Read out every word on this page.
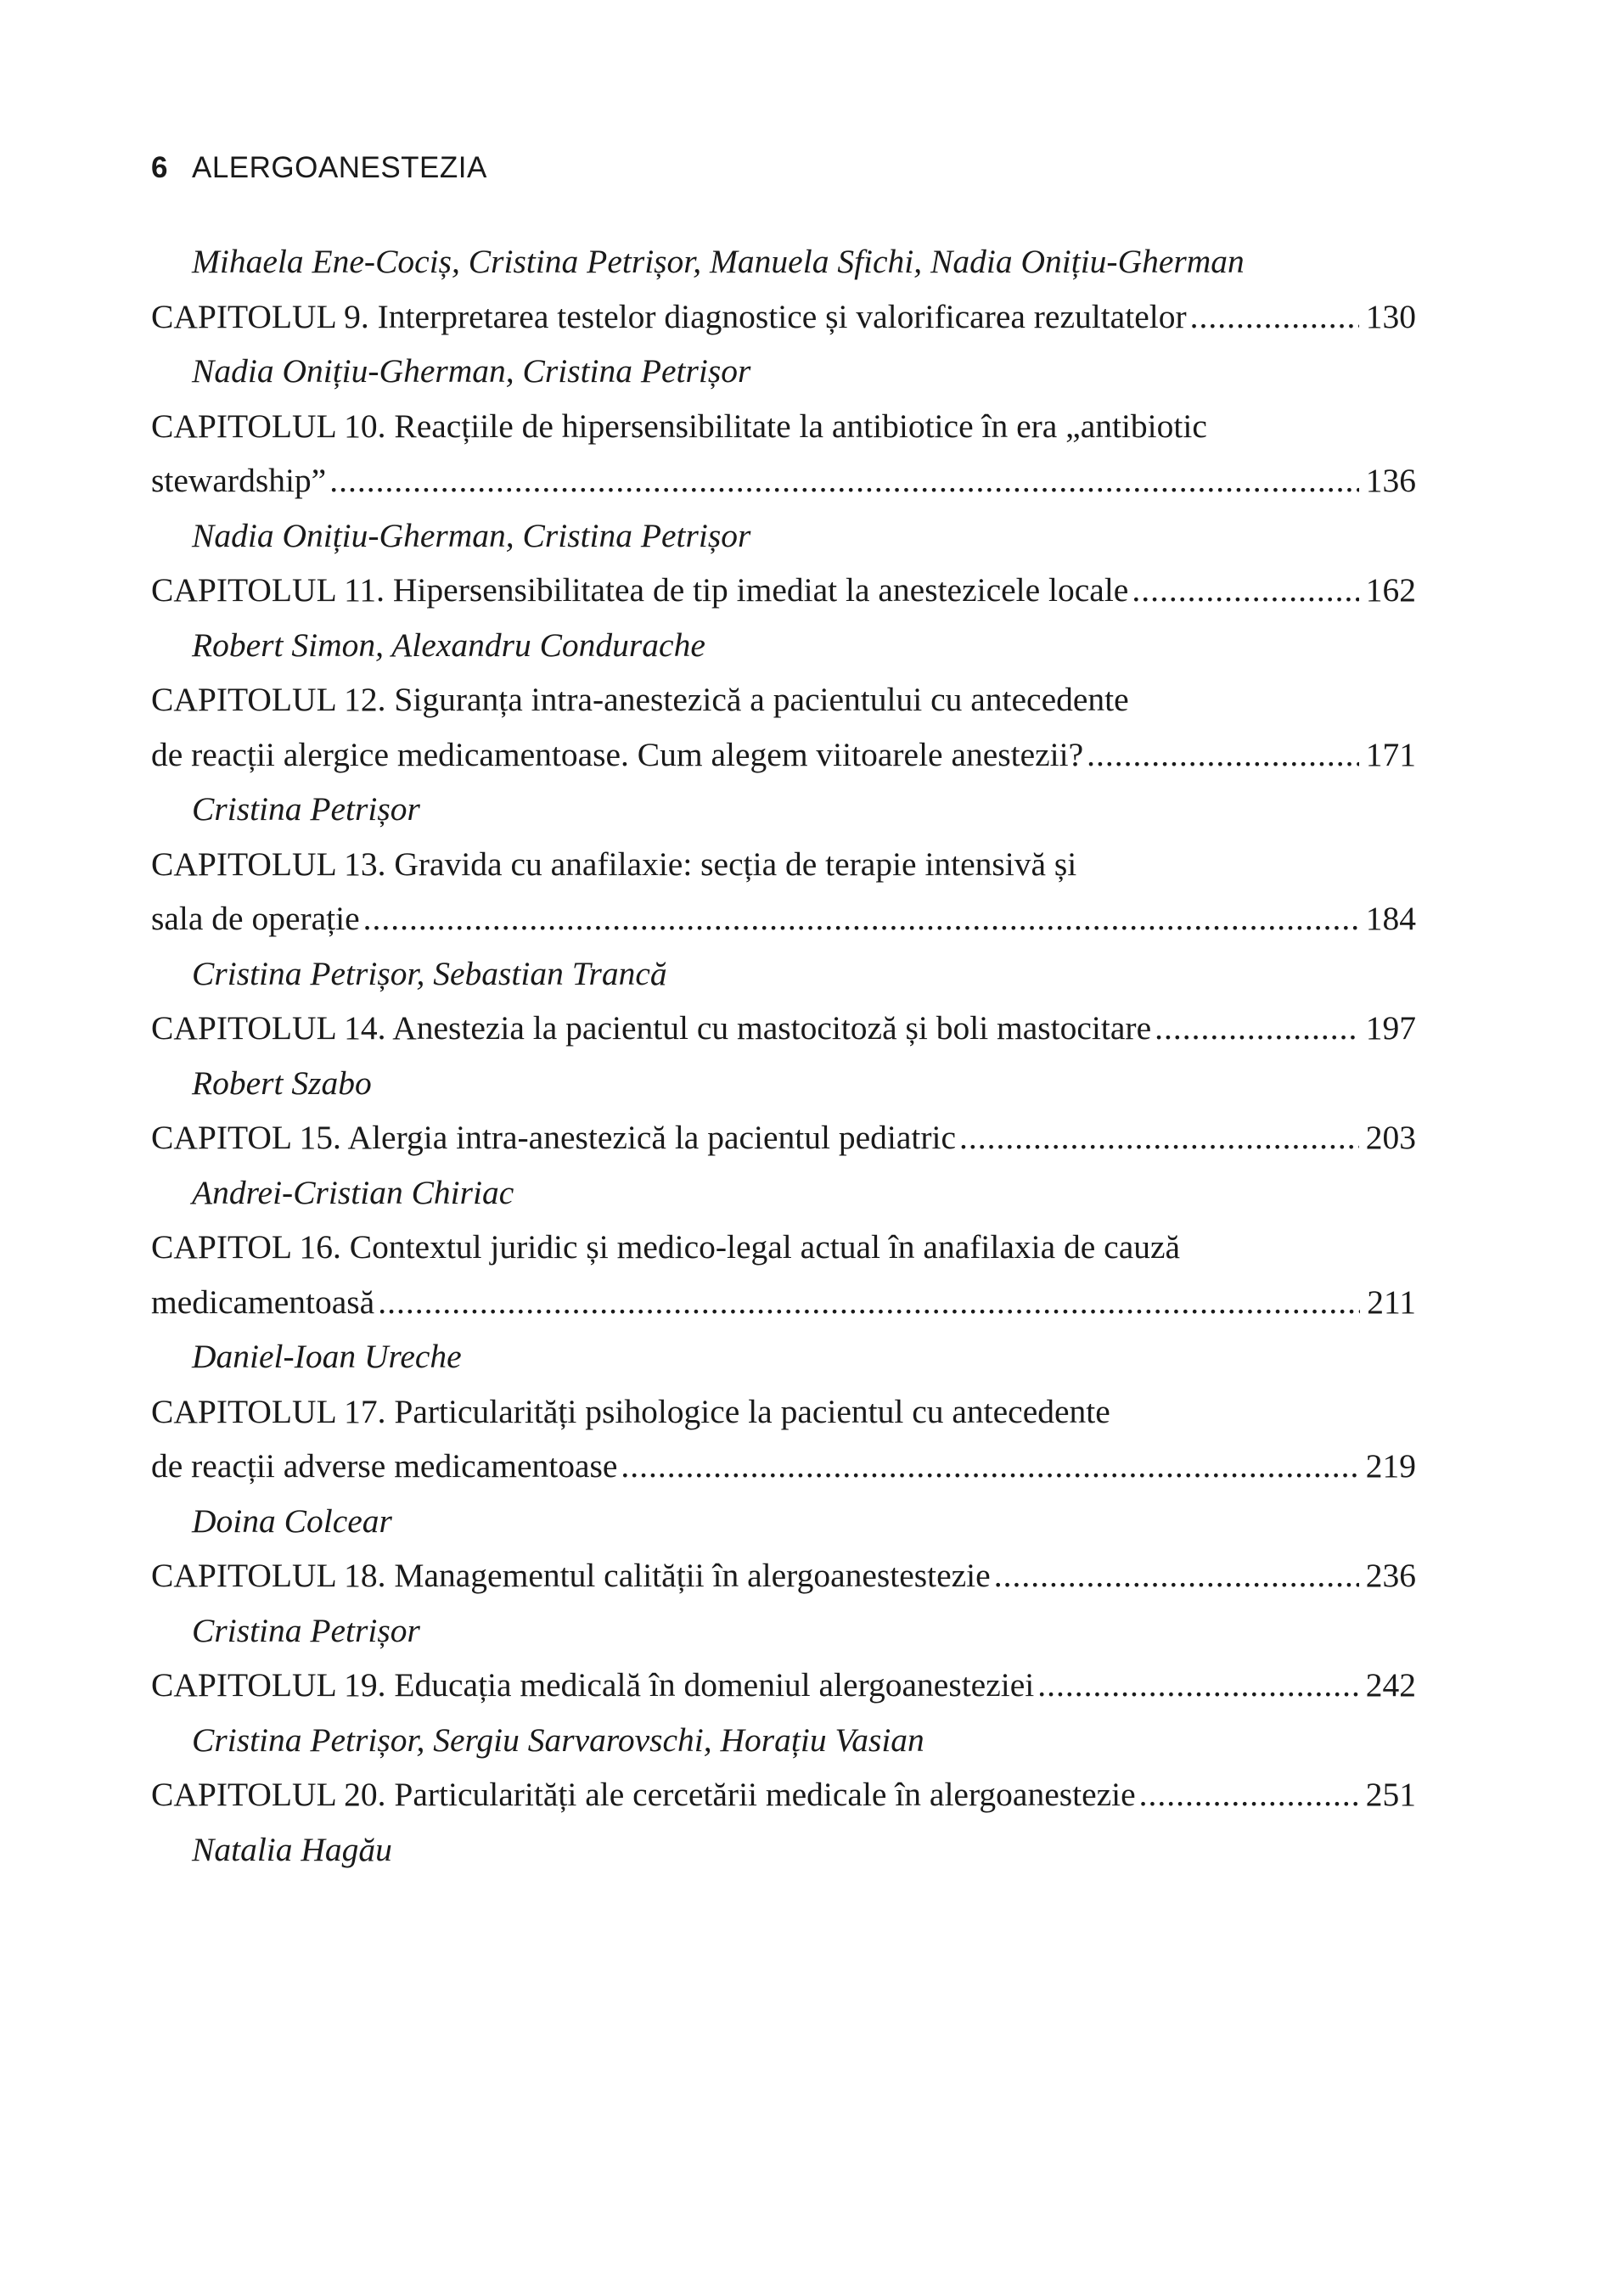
6 ALERGOANESTEZIA
Mihaela Ene-Cociș, Cristina Petrișor, Manuela Sfichi, Nadia Onițiu-Gherman
CAPITOLUL 9. Interpretarea testelor diagnostice și valorificarea rezultatelor .....	130
Nadia Onițiu-Gherman, Cristina Petrișor
CAPITOLUL 10. Reacțiile de hipersensibilitate la antibiotice în era „antibiotic
stewardship” .....	136
Nadia Onițiu-Gherman, Cristina Petrișor
CAPITOLUL 11. Hipersensibilitatea de tip imediat la anestezicele locale .....	162
Robert Simon, Alexandru Condurache
CAPITOLUL 12. Siguranța intra-anestezică a pacientului cu antecedente
de reacții alergice medicamentoase. Cum alegem viitoarele anestezii? .....	171
Cristina Petrișor
CAPITOLUL 13. Gravida cu anafilaxie: secția de terapie intensivă și
sala de operație .....	184
Cristina Petrișor, Sebastian Trancă
CAPITOLUL 14. Anestezia la pacientul cu mastocitoză și boli mastocitare .....	197
Robert Szabo
CAPITOL 15. Alergia intra-anestezică la pacientul pediatric .....	203
Andrei-Cristian Chiriac
CAPITOL 16. Contextul juridic și medico-legal actual în anafilaxia de cauză
medicamentoasă .....	211
Daniel-Ioan Ureche
CAPITOLUL 17. Particularități psihologice la pacientul cu antecedente
de reacții adverse medicamentoase .....	219
Doina Colcear
CAPITOLUL 18. Managementul calității în alergoanestestezie .....	236
Cristina Petrișor
CAPITOLUL 19. Educația medicală în domeniul alergoanesteziei .....	242
Cristina Petrișor, Sergiu Sarvarovschi, Horațiu Vasian
CAPITOLUL 20. Particularități ale cercetării medicale în alergoanestezie .....	251
Natalia Hagău
